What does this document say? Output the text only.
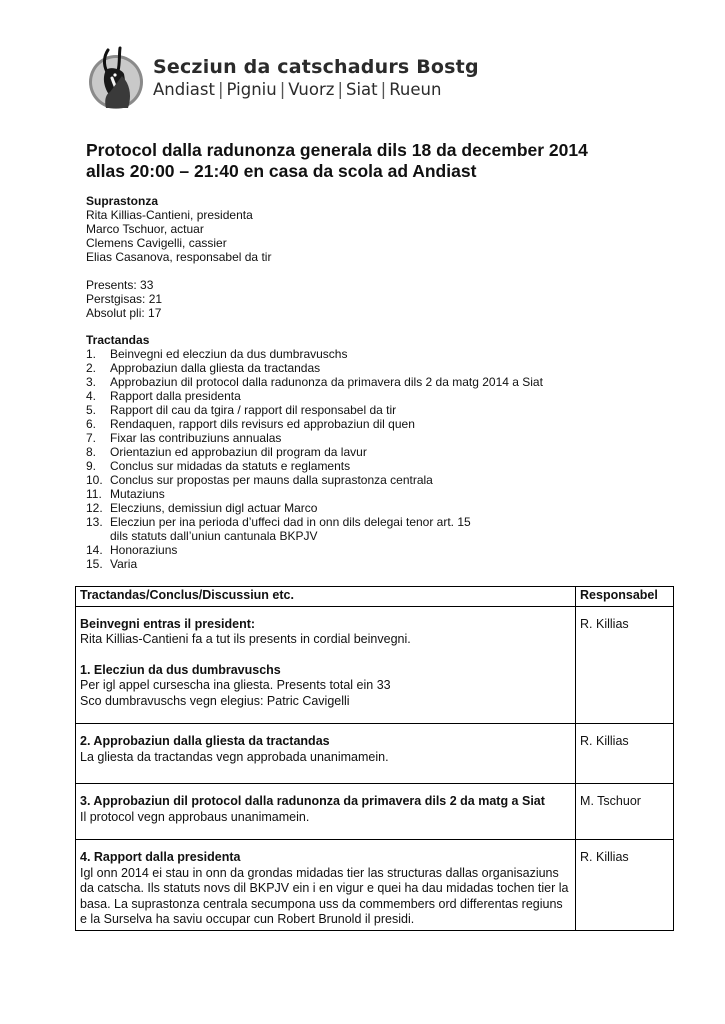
Secziun da catschadurs Bostg
Andiast | Pigniu | Vuorz | Siat | Rueun
Protocol dalla radunonza generala dils 18 da december 2014
allas 20:00 – 21:40 en casa da scola ad Andiast
Suprastonza
Rita Killias-Cantieni, presidenta
Marco Tschuor, actuar
Clemens Cavigelli, cassier
Elias Casanova, responsabel da tir
Presents: 33
Perstgisas: 21
Absolut pli: 17
Tractandas
1.	Beinvegni ed elecziun da dus dumbravuschs
2.	Approbaziun dalla gliesta da tractandas
3.	Approbaziun dil protocol dalla radunonza da primavera dils 2 da matg 2014 a Siat
4.	Rapport dalla presidenta
5.	Rapport dil cau da tgira / rapport dil responsabel da tir
6.	Rendaquen, rapport dils revisurs ed approbaziun dil quen
7.	Fixar las contribuziuns annualas
8.	Orientaziun ed approbaziun dil program da lavur
9.	Conclus sur midadas da statuts e reglaments
10. Conclus sur propostas per mauns dalla suprastonza centrala
11. Mutaziuns
12. Elecziuns, demissiun digl actuar Marco
13. Elecziun per ina perioda d’uffeci dad in onn dils delegai tenor art. 15
dils statuts dall’uniun cantunala BKPJV
14. Honoraziuns
15. Varia
Tractandas/Conclus/Discussiun etc.	Responsabel

Beinvegni entras il president:
Rita Killias-Cantieni fa a tut ils presents in cordial beinvegni.
1. Elecziun da dus dumbravuschs
Per igl appel cursescha ina gliesta. Presents total ein 33
Sco dumbravuschs vegn elegius: Patric Cavigelli	R. Killias

2. Approbaziun dalla gliesta da tractandas
La gliesta da tractandas vegn approbada unanimamein.	R. Killias

3. Approbaziun dil protocol dalla radunonza da primavera dils 2 da matg a Siat
Il protocol vegn approbaus unanimamein.	M. Tschuor

4. Rapport dalla presidenta
Igl onn 2014 ei stau in onn da grondas midadas tier las structuras dallas organisaziuns da catscha. Ils statuts novs dil BKPJV ein i en vigur e quei ha dau midadas tochen tier la basa. La suprastonza centrala secumpona uss da commembers ord differentas regiuns e la Surselva ha saviu occupar cun Robert Brunold il presidi.	R. Killias
